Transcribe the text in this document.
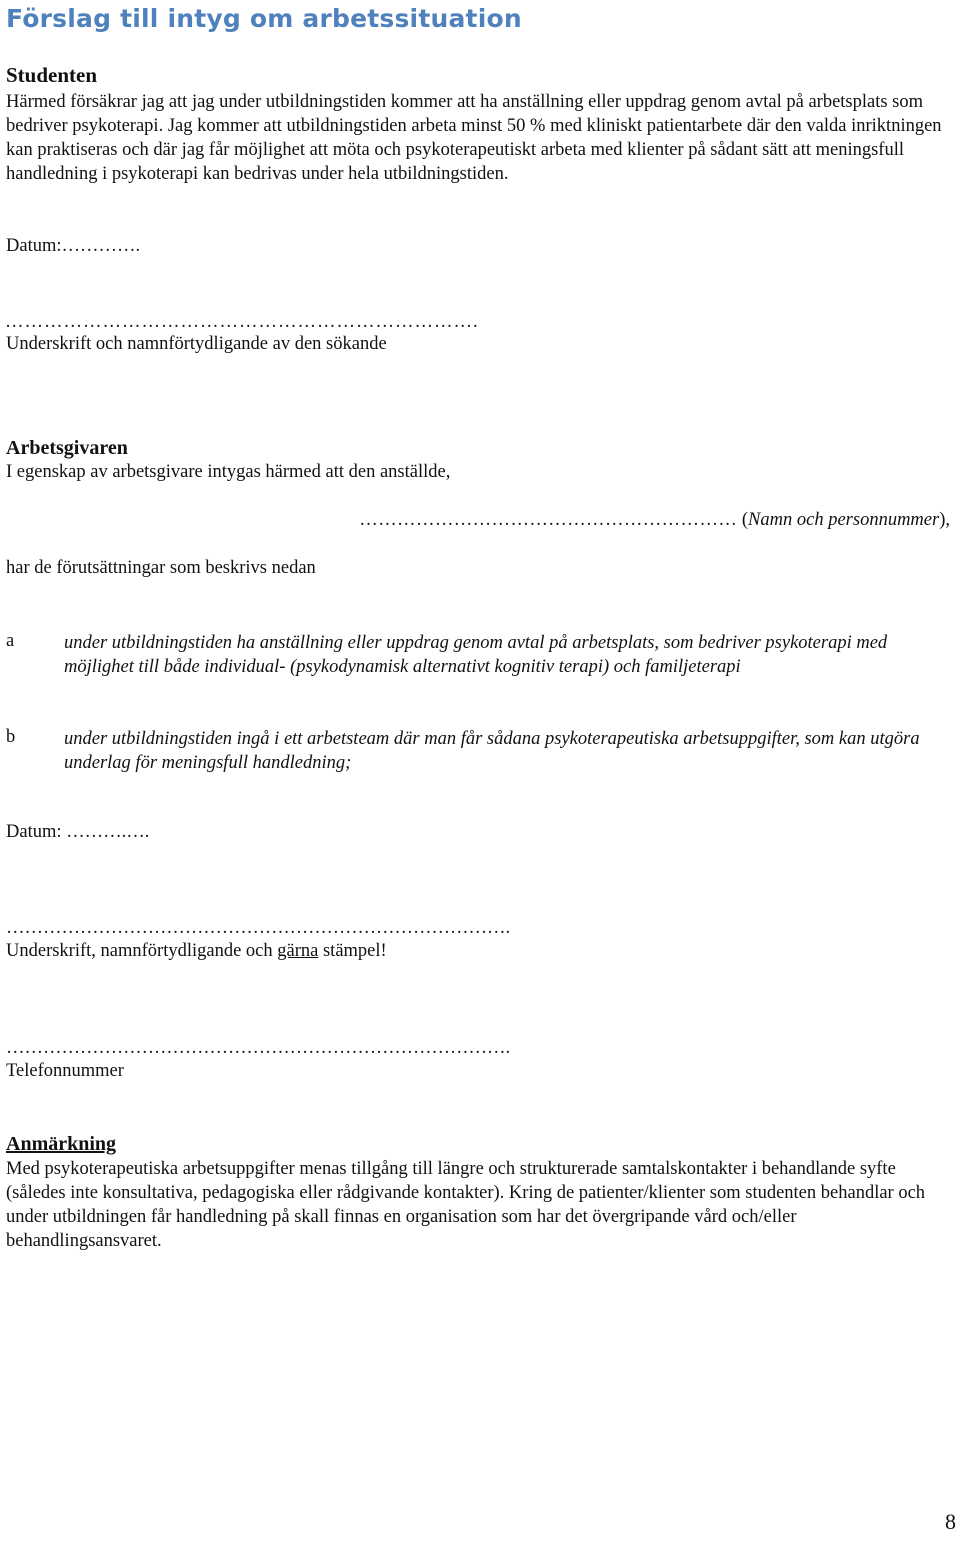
Förslag till intyg om arbetssituation
Studenten
Härmed försäkrar jag att jag under utbildningstiden kommer att ha anställning eller uppdrag genom avtal på arbetsplats som bedriver psykoterapi. Jag kommer att utbildningstiden arbeta minst 50 % med kliniskt patientarbete där den valda inriktningen kan praktiseras och där jag får möjlighet att möta och psykoterapeutiskt arbeta med klienter på sådant sätt att meningsfull handledning i psykoterapi kan bedrivas under hela utbildningstiden.
Datum:………….
……………………………………………………………….
Underskrift och namnförtydligande av den sökande
Arbetsgivaren
I egenskap av arbetsgivare intygas härmed att den anställde,
…………………………………………………… (Namn och personnummer),
har de förutsättningar som beskrivs nedan
a	under utbildningstiden ha anställning eller uppdrag genom avtal på arbetsplats, som bedriver psykoterapi med möjlighet till både individual- (psykodynamisk alternativt kognitiv terapi) och familjeterapi
b	under utbildningstiden ingå i ett arbetsteam där man får sådana psykoterapeutiska arbetsuppgifter, som kan utgöra underlag för meningsfull handledning;
Datum: ……….….
……………………………………………………………………….
Underskrift, namnförtydligande och gärna stämpel!
……………………………………………………………………….
Telefonnummer
Anmärkning
Med psykoterapeutiska arbetsuppgifter menas tillgång till längre och strukturerade samtalskontakter i behandlande syfte (således inte konsultativa, pedagogiska eller rådgivande kontakter). Kring de patienter/klienter som studenten behandlar och under utbildningen får handledning på skall finnas en organisation som har det övergripande vård och/eller behandlingsansvaret.
8
